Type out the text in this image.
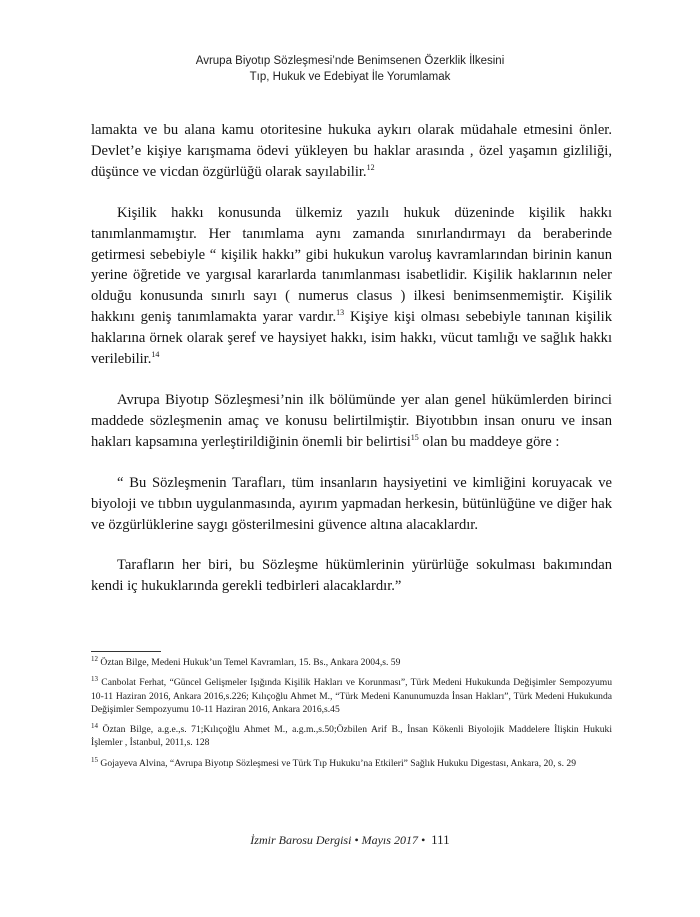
Avrupa Biyotıp Sözleşmesi’nde Benimsenen Özerklik İlkesini
Tıp, Hukuk ve Edebiyat İle Yorumlamak

lamakta ve bu alana kamu otoritesine hukuka aykırı olarak müdahale etmesini önler. Devlet’e kişiye karışmama ödevi yükleyen bu haklar arasında , özel yaşamın gizliliği, düşünce ve vicdan özgürlüğü olarak sayılabilir.$^{12}$

Kişilik hakkı konusunda ülkemiz yazılı hukuk düzeninde kişilik hakkı tanımlanmamıştır. Her tanımlama aynı zamanda sınırlandırmayı da beraberinde getirmesi sebebiyle “ kişilik hakkı” gibi hukukun varoluş kavramlarından birinin kanun yerine öğretide ve yargısal kararlarda tanımlanması isabetlidir. Kişilik haklarının neler olduğu konusunda sınırlı sayı ( numerus clasus ) ilkesi benimsenmemiştir. Kişilik hakkını geniş tanımlamakta yarar vardır.$^{13}$ Kişiye kişi olması sebebiyle tanınan kişilik haklarına örnek olarak şeref ve haysiyet hakkı, isim hakkı, vücut tamlığı ve sağlık hakkı verilebilir.$^{14}$

Avrupa Biyotıp Sözleşmesi’nin ilk bölümünde yer alan genel hükümlerden birinci maddede sözleşmenin amaç ve konusu belirtilmiştir. Biyotıbbın insan onuru ve insan hakları kapsamına yerleştirildiğinin önemli bir belirtisi$^{15}$ olan bu maddeye göre :

“ Bu Sözleşmenin Tarafları, tüm insanların haysiyetini ve kimliğini koruyacak ve biyoloji ve tıbbın uygulanmasında, ayırım yapmadan herkesin, bütünlüğüne ve diğer hak ve özgürlüklerine saygı gösterilmesini güvence altına alacaklardır.

Tarafların her biri, bu Sözleşme hükümlerinin yürürlüğe sokulması bakımından kendi iç hukuklarında gerekli tedbirleri alacaklardır.”

$^{12}$ Öztan Bilge, Medeni Hukuk’un Temel Kavramları, 15. Bs., Ankara 2004,s. 59

$^{13}$ Canbolat Ferhat, “Güncel Gelişmeler Işığında Kişilik Hakları ve Korunması”, Türk Medeni Hukukunda Değişimler Sempozyumu 10-11 Haziran 2016, Ankara 2016,s.226; Kılıçoğlu Ahmet M., “Türk Medeni Kanunumuzda İnsan Hakları”, Türk Medeni Hukukunda Değişimler Sempozyumu 10-11 Haziran 2016, Ankara 2016,s.45

$^{14}$ Öztan Bilge, a.g.e.,s. 71;Kılıçoğlu Ahmet M., a.g.m.,s.50;Özbilen Arif B., İnsan Kökenli Biyolojik Maddelere İlişkin Hukuki İşlemler , İstanbul, 2011,s. 128

$^{15}$ Gojayeva Alvina, “Avrupa Biyotıp Sözleşmesi ve Türk Tıp Hukuku’na Etkileri” Sağlık Hukuku Digestası, Ankara, 20, s. 29

İzmir Barosu Dergisi • Mayıs 2017 • 111
